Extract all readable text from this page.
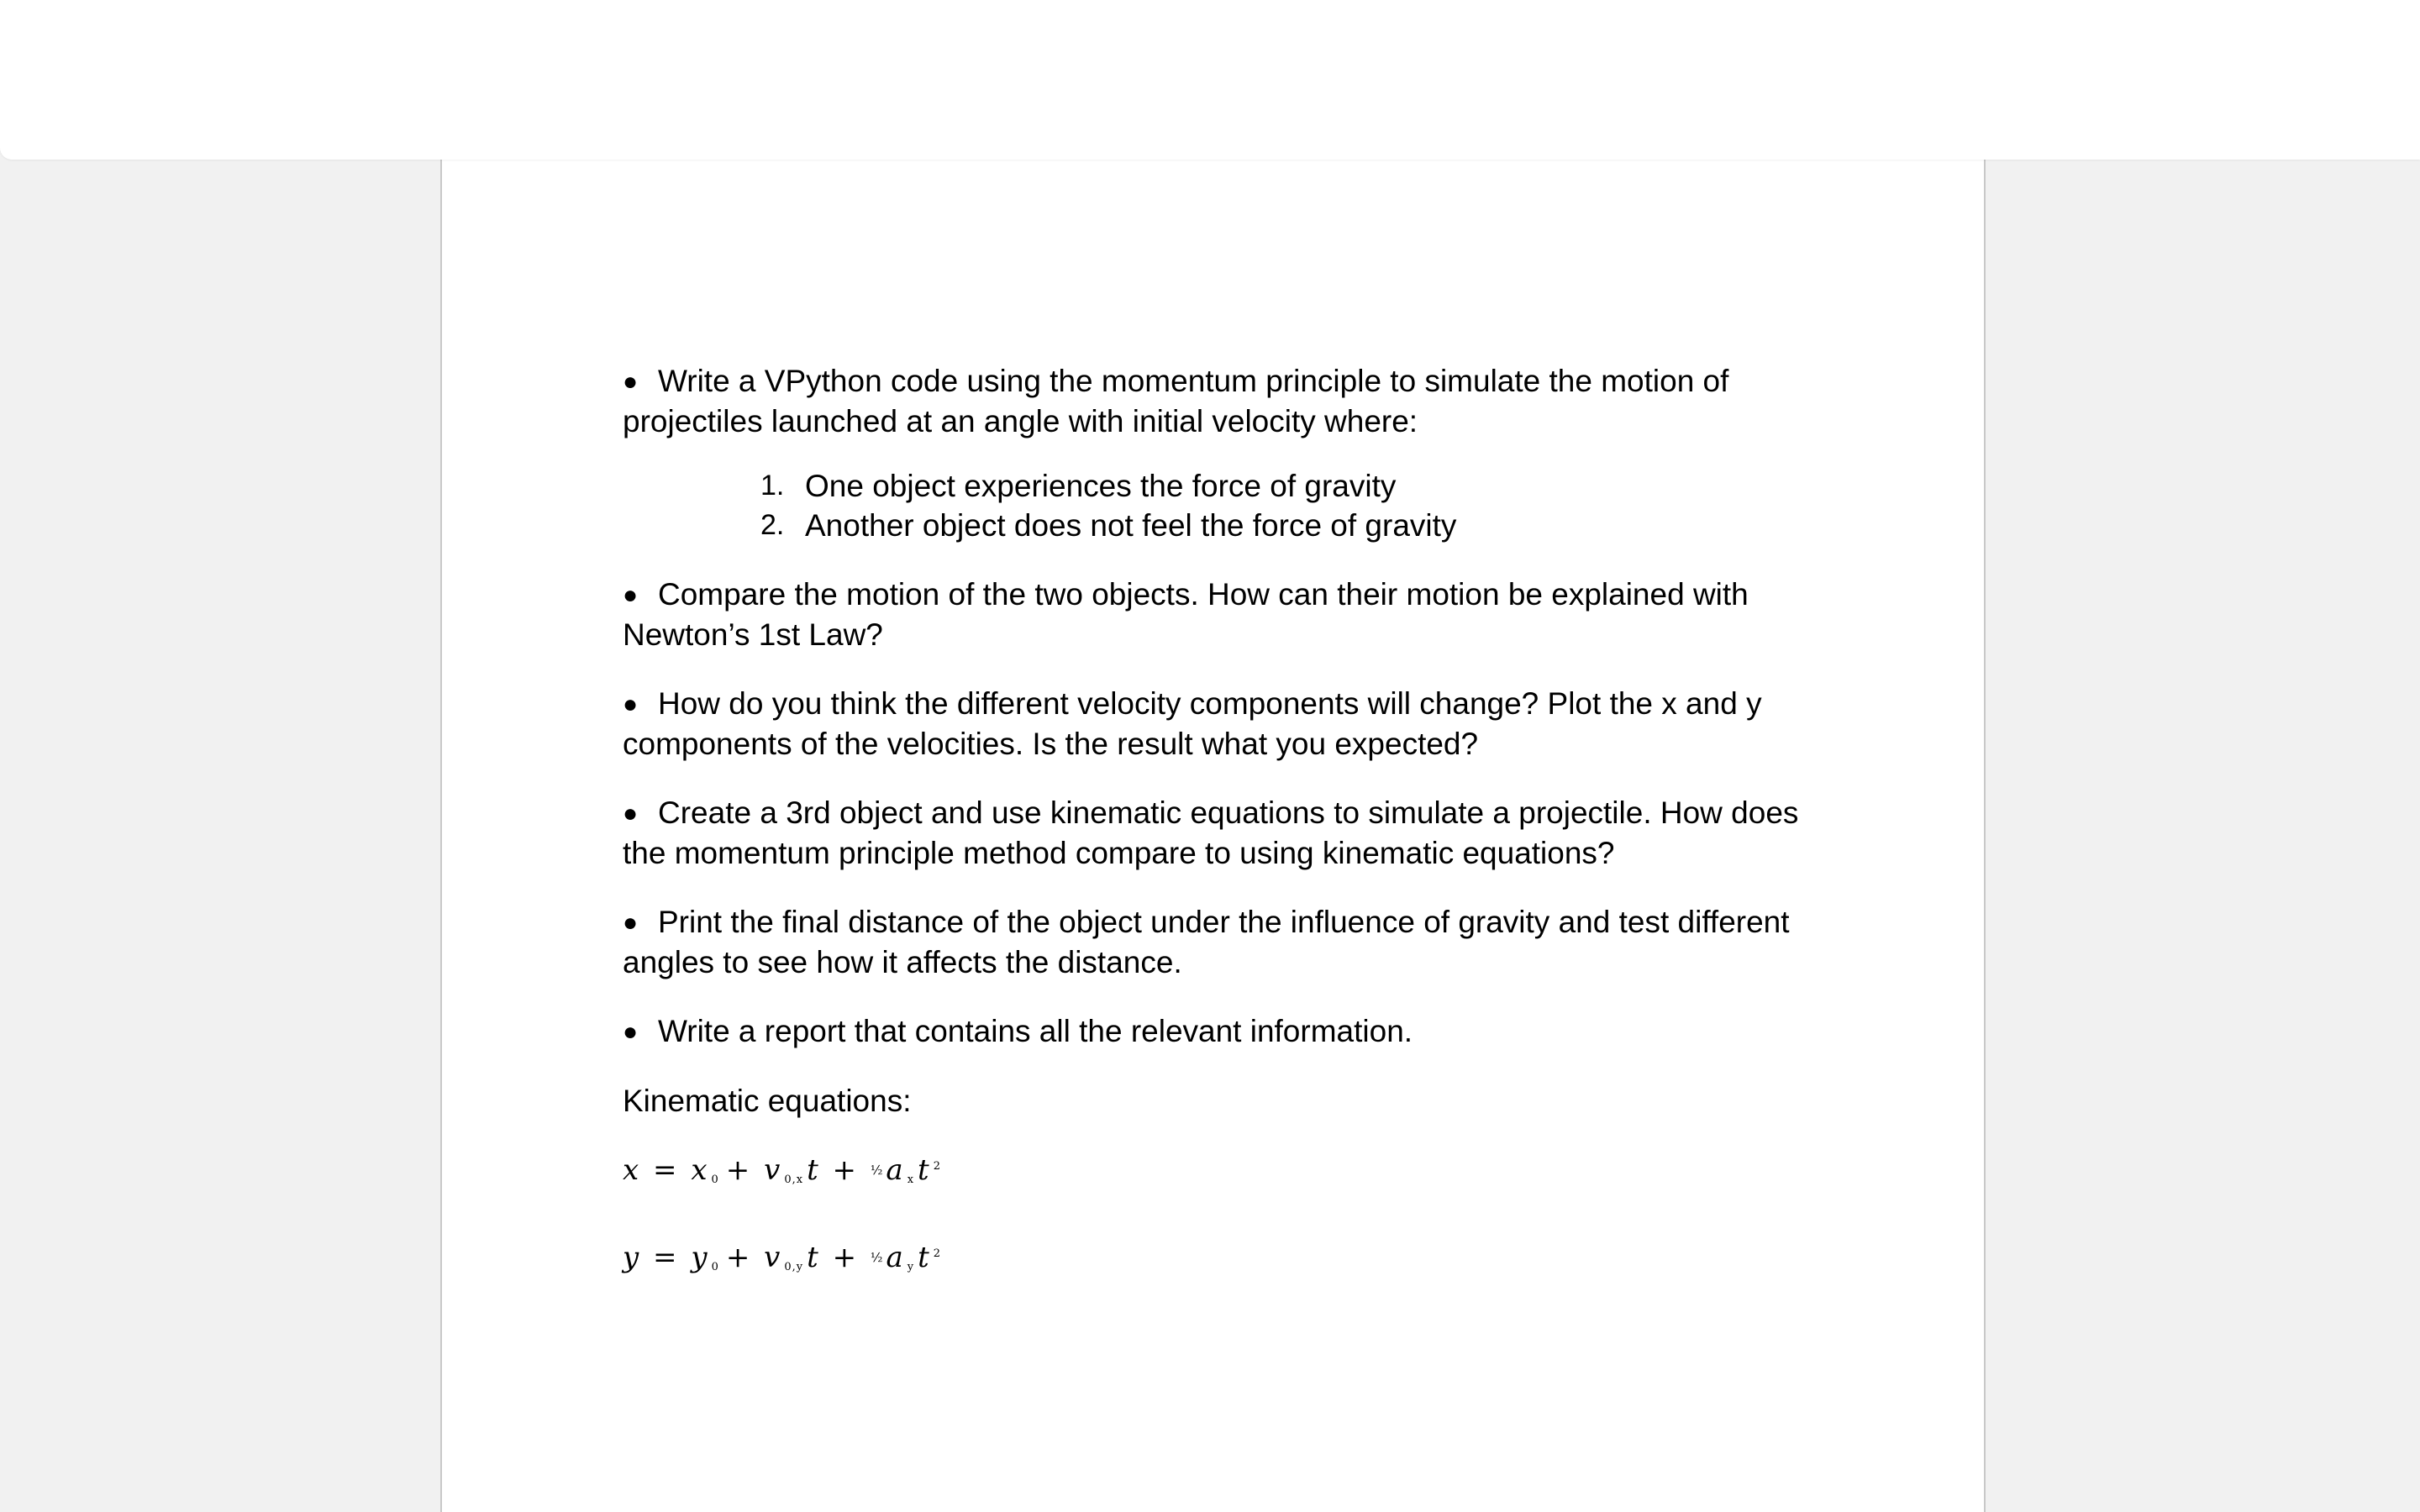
● Write a VPython code using the momentum principle to simulate the motion of projectiles launched at an angle with initial velocity where:

1. One object experiences the force of gravity
2. Another object does not feel the force of gravity

● Compare the motion of the two objects. How can their motion be explained with Newton’s 1st Law?

● How do you think the different velocity components will change? Plot the x and y components of the velocities. Is the result what you expected?

● Create a 3rd object and use kinematic equations to simulate a projectile. How does the momentum principle method compare to using kinematic equations?

● Print the final distance of the object under the influence of gravity and test different angles to see how it affects the distance.

● Write a report that contains all the relevant information.

Kinematic equations:

x = x $_0$ + v $_{0,x}$ t + ½a $_x$ t $^2$

y = y $_0$ + v $_{0,y}$ t + ½a $_y$ t $^2$
